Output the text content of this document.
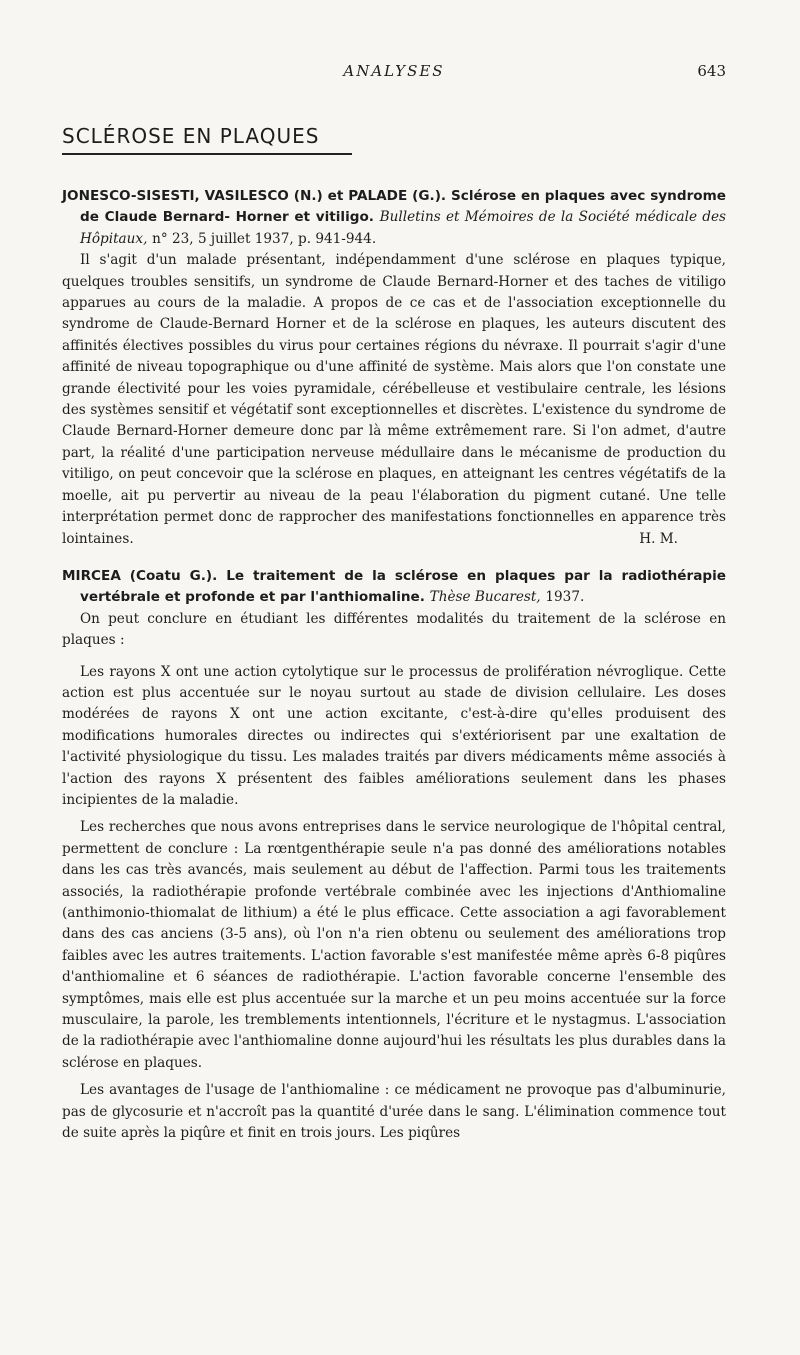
ANALYSES	643
SCLÉROSE EN PLAQUES

JONESCO-SISESTI, VASILESCO (N.) et PALADE (G.). Sclérose en plaques avec syndrome de Claude Bernard- Horner et vitiligo. Bulletins et Mémoires de la Société médicale des Hôpitaux, n° 23, 5 juillet 1937, p. 941-944.

Il s'agit d'un malade présentant, indépendamment d'une sclérose en plaques typique, quelques troubles sensitifs, un syndrome de Claude Bernard-Horner et des taches de vitiligo apparues au cours de la maladie. A propos de ce cas et de l'association exceptionnelle du syndrome de Claude-Bernard Horner et de la sclérose en plaques, les auteurs discutent des affinités électives possibles du virus pour certaines régions du névraxe. Il pourrait s'agir d'une affinité de niveau topographique ou d'une affinité de système. Mais alors que l'on constate une grande électivité pour les voies pyramidale, cérébelleuse et vestibulaire centrale, les lésions des systèmes sensitif et végétatif sont exceptionnelles et discrètes. L'existence du syndrome de Claude Bernard-Horner demeure donc par là même extrêmement rare. Si l'on admet, d'autre part, la réalité d'une participation nerveuse médullaire dans le mécanisme de production du vitiligo, on peut concevoir que la sclérose en plaques, en atteignant les centres végétatifs de la moelle, ait pu pervertir au niveau de la peau l'élaboration du pigment cutané. Une telle interprétation permet donc de rapprocher des manifestations fonctionnelles en apparence très lointaines.	H. M.

MIRCEA (Coatu G.). Le traitement de la sclérose en plaques par la radiothérapie vertébrale et profonde et par l'anthiomaline. Thèse Bucarest, 1937.

On peut conclure en étudiant les différentes modalités du traitement de la sclérose en plaques :

Les rayons X ont une action cytolytique sur le processus de prolifération névroglique. Cette action est plus accentuée sur le noyau surtout au stade de division cellulaire. Les doses modérées de rayons X ont une action excitante, c'est-à-dire qu'elles produisent des modifications humorales directes ou indirectes qui s'extériorisent par une exaltation de l'activité physiologique du tissu. Les malades traités par divers médicaments même associés à l'action des rayons X présentent des faibles améliorations seulement dans les phases incipientes de la maladie.

Les recherches que nous avons entreprises dans le service neurologique de l'hôpital central, permettent de conclure : La rœntgenthérapie seule n'a pas donné des améliorations notables dans les cas très avancés, mais seulement au début de l'affection. Parmi tous les traitements associés, la radiothérapie profonde vertébrale combinée avec les injections d'Anthiomaline (anthimonio-thiomalat de lithium) a été le plus efficace. Cette association a agi favorablement dans des cas anciens (3-5 ans), où l'on n'a rien obtenu ou seulement des améliorations trop faibles avec les autres traitements. L'action favorable s'est manifestée même après 6-8 piqûres d'anthiomaline et 6 séances de radiothérapie. L'action favorable concerne l'ensemble des symptômes, mais elle est plus accentuée sur la marche et un peu moins accentuée sur la force musculaire, la parole, les tremblements intentionnels, l'écriture et le nystagmus. L'association de la radiothérapie avec l'anthiomaline donne aujourd'hui les résultats les plus durables dans la sclérose en plaques.

Les avantages de l'usage de l'anthiomaline : ce médicament ne provoque pas d'albuminurie, pas de glycosurie et n'accroît pas la quantité d'urée dans le sang. L'élimination commence tout de suite après la piqûre et finit en trois jours. Les piqûres
